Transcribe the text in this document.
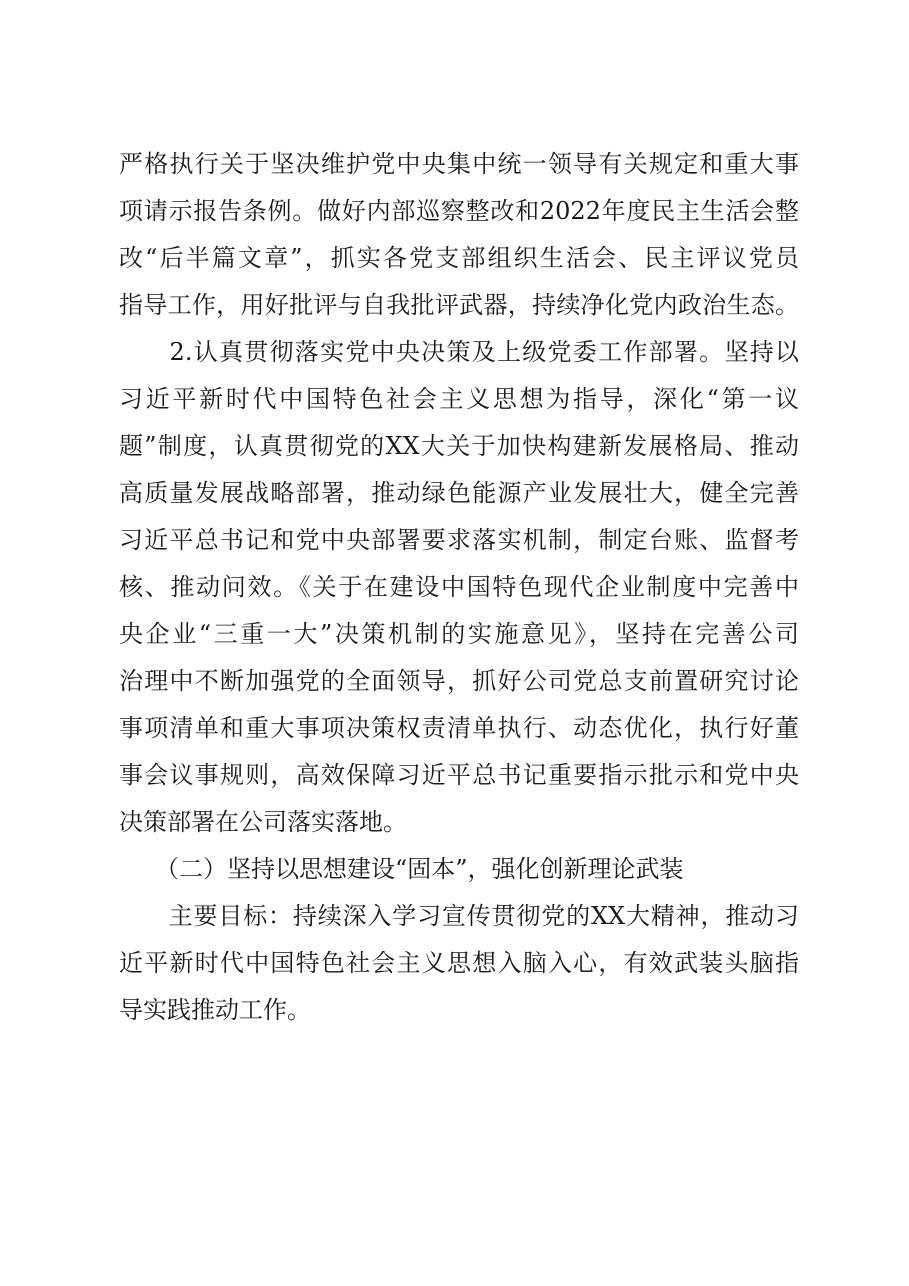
严格执行关于坚决维护党中央集中统一领导有关规定和重大事
项请示报告条例。做好内部巡察整改和2022年度民主生活会整
改“后半篇文章”，抓实各党支部组织生活会、民主评议党员
指导工作，用好批评与自我批评武器，持续净化党内政治生态。
　　2.认真贯彻落实党中央决策及上级党委工作部署。坚持以
习近平新时代中国特色社会主义思想为指导，深化“第一议
题”制度，认真贯彻党的XX大关于加快构建新发展格局、推动
高质量发展战略部署，推动绿色能源产业发展壮大，健全完善
习近平总书记和党中央部署要求落实机制，制定台账、监督考
核、推动问效。《关于在建设中国特色现代企业制度中完善中
央企业“三重一大”决策机制的实施意见》，坚持在完善公司
治理中不断加强党的全面领导，抓好公司党总支前置研究讨论
事项清单和重大事项决策权责清单执行、动态优化，执行好董
事会议事规则，高效保障习近平总书记重要指示批示和党中央
决策部署在公司落实落地。
　　（二）坚持以思想建设“固本”，强化创新理论武装
　　主要目标：持续深入学习宣传贯彻党的XX大精神，推动习
近平新时代中国特色社会主义思想入脑入心，有效武装头脑指
导实践推动工作。
